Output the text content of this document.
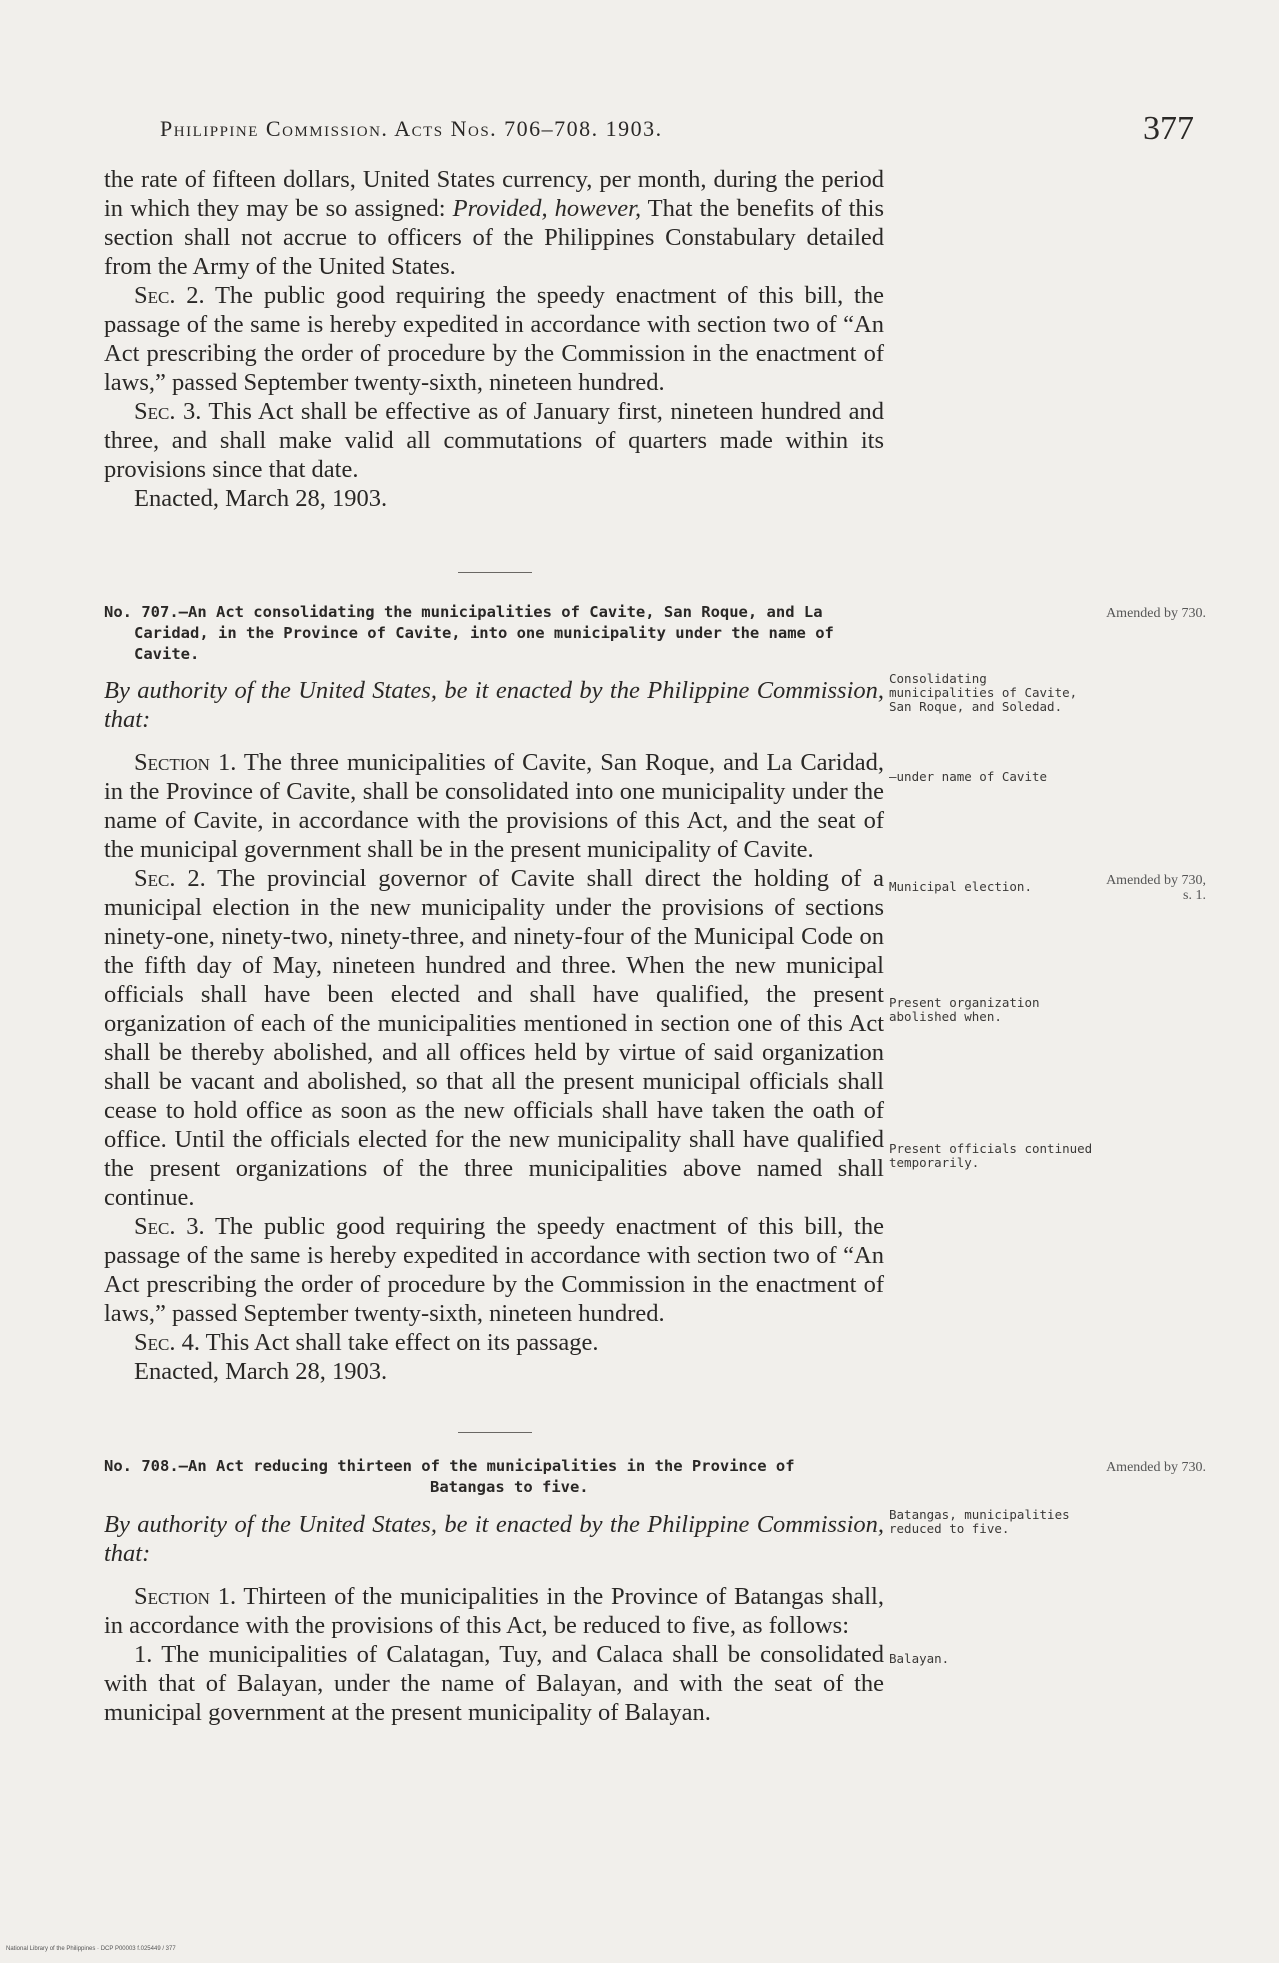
Philippine Commission. Acts Nos. 706–708. 1903.	377

the rate of fifteen dollars, United States currency, per month, during the period in which they may be so assigned: Provided, however, That the benefits of this section shall not accrue to officers of the Philippines Constabulary detailed from the Army of the United States.

Sec. 2. The public good requiring the speedy enactment of this bill, the passage of the same is hereby expedited in accordance with section two of “An Act prescribing the order of procedure by the Commission in the enactment of laws,” passed September twenty-sixth, nineteen hundred.

Sec. 3. This Act shall be effective as of January first, nineteen hundred and three, and shall make valid all commutations of quarters made within its provisions since that date.

Enacted, March 28, 1903.

No. 707.—An Act consolidating the municipalities of Cavite, San Roque, and La
Caridad, in the Province of Cavite, into one municipality under the name of Cavite.
Amended by 730.

By authority of the United States, be it enacted by the Philippine Commission, that:

Section 1. The three municipalities of Cavite, San Roque, and La Caridad, in the Province of Cavite, shall be consolidated into one municipality under the name of Cavite, in accordance with the provisions of this Act, and the seat of the municipal government shall be in the present municipality of Cavite.

Sec. 2. The provincial governor of Cavite shall direct the holding of a municipal election in the new municipality under the provisions of sections ninety-one, ninety-two, ninety-three, and ninety-four of the Municipal Code on the fifth day of May, nineteen hundred and three. When the new municipal officials shall have been elected and shall have qualified, the present organization of each of the municipalities mentioned in section one of this Act shall be thereby abolished, and all offices held by virtue of said organization shall be vacant and abolished, so that all the present municipal officials shall cease to hold office as soon as the new officials shall have taken the oath of office. Until the officials elected for the new municipality shall have qualified the present organizations of the three municipalities above named shall continue.

Sec. 3. The public good requiring the speedy enactment of this bill, the passage of the same is hereby expedited in accordance with section two of “An Act prescribing the order of procedure by the Commission in the enactment of laws,” passed September twenty-sixth, nineteen hundred.

Sec. 4. This Act shall take effect on its passage.

Enacted, March 28, 1903.

Consolidating municipalities of Cavite, San Roque, and Soledad.
—under name of Cavite
Municipal election.	Amended by 730, s. 1.
Present organization abolished when.
Present officials continued temporarily.
No. 708.—An Act reducing thirteen of the municipalities in the Province of
Batangas to five.
Amended by 730.

By authority of the United States, be it enacted by the Philippine Commission, that:

Section 1. Thirteen of the municipalities in the Province of Batangas shall, in accordance with the provisions of this Act, be reduced to five, as follows:

1. The municipalities of Calatagan, Tuy, and Calaca shall be consolidated with that of Balayan, under the name of Balayan, and with the seat of the municipal government at the present municipality of Balayan.

Batangas, municipalities reduced to five.
Balayan.
National Library of the Philippines · DCP P00003 f.025449 / 377
